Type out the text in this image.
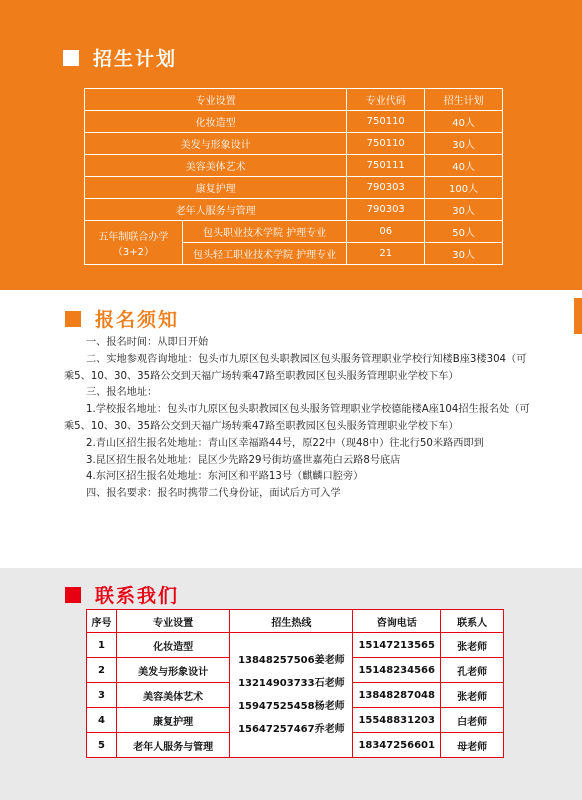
招生计划
专业设置		专业代码	招生计划
化妆造型		750110	40人
美发与形象设计		750110	30人
美容美体艺术		750111	40人
康复护理		790303	100人
老年人服务与管理		790303	30人

五年制联合办学
（3+2）	包头职业技术学院 护理专业	06	50人
	包头轻工职业技术学院 护理专业	21	30人
报名须知

一、报名时间：从即日开始

二、实地参观咨询地址：包头市九原区包头职教园区包头服务管理职业学校行知楼B座3楼304（可乘5、10、30、35路公交到天福广场转乘47路至职教园区包头服务管理职业学校下车）

三、报名地址：

1.学校报名地址：包头市九原区包头职教园区包头服务管理职业学校德能楼A座104招生报名处（可乘5、10、30、35路公交到天福广场转乘47路至职教园区包头服务管理职业学校下车）

2.青山区招生报名处地址：青山区幸福路44号，原22中（现48中）往北行50米路西即到

3.昆区招生报名处地址：昆区少先路29号街坊盛世嘉苑白云路8号底店

4.东河区招生报名处地址：东河区和平路13号（麒麟口腔旁）

四、报名要求：报名时携带二代身份证，面试后方可入学

联系我们
序号	专业设置	招生热线	咨询电话	联系人
1	化妆造型	13848257506姜老师
13214903733石老师
15947525458杨老师
15647257467乔老师	15147213565	张老师
2	美发与形象设计		15148234566	孔老师
3	美容美体艺术		13848287048	张老师
4	康复护理		15548831203	白老师
5	老年人服务与管理		18347256601	母老师
